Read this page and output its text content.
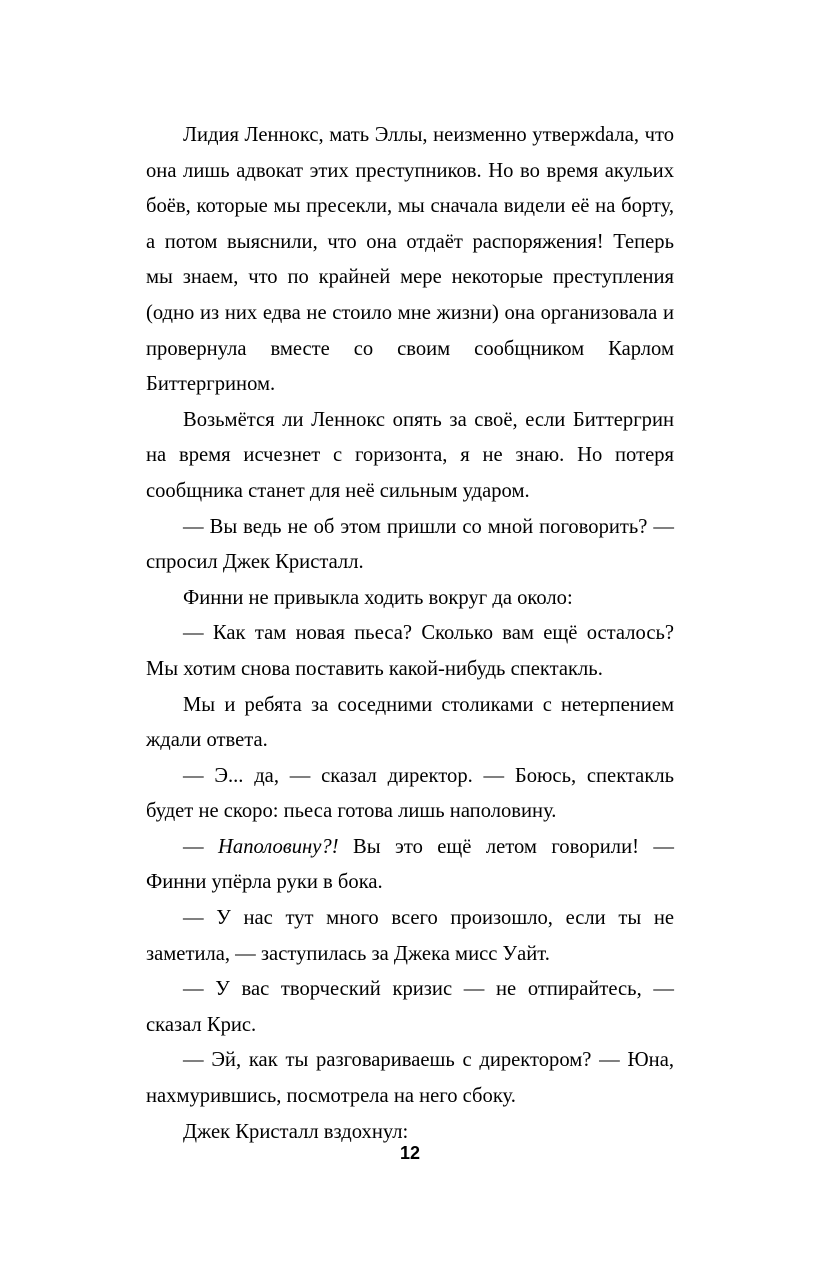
Лидия Леннокс, мать Эллы, неизменно утвержdала, что она лишь адвокат этих преступников. Но во время акульих боёв, которые мы пресекли, мы сначала видели её на борту, а потом выяснили, что она отдаёт распоряжения! Теперь мы знаем, что по крайней мере некоторые преступления (одно из них едва не стоило мне жизни) она организовала и провернула вместе со своим сообщником Карлом Биттергрином.

Возьмётся ли Леннокс опять за своё, если Биттергрин на время исчезнет с горизонта, я не знаю. Но потеря сообщника станет для неё сильным ударом.

— Вы ведь не об этом пришли со мной поговорить? — спросил Джек Кристалл.

Финни не привыкла ходить вокруг да около:

— Как там новая пьеса? Сколько вам ещё осталось? Мы хотим снова поставить какой-нибудь спектакль.

Мы и ребята за соседними столиками с нетерпением ждали ответа.

— Э... да, — сказал директор. — Боюсь, спектакль будет не скоро: пьеса готова лишь наполовину.

— Наполовину?! Вы это ещё летом говорили! — Финни упёрла руки в бока.

— У нас тут много всего произошло, если ты не заметила, — заступилась за Джека мисс Уайт.

— У вас творческий кризис — не отпирайтесь, — сказал Крис.

— Эй, как ты разговариваешь с директором? — Юна, нахмурившись, посмотрела на него сбоку.

Джек Кристалл вздохнул:

12
